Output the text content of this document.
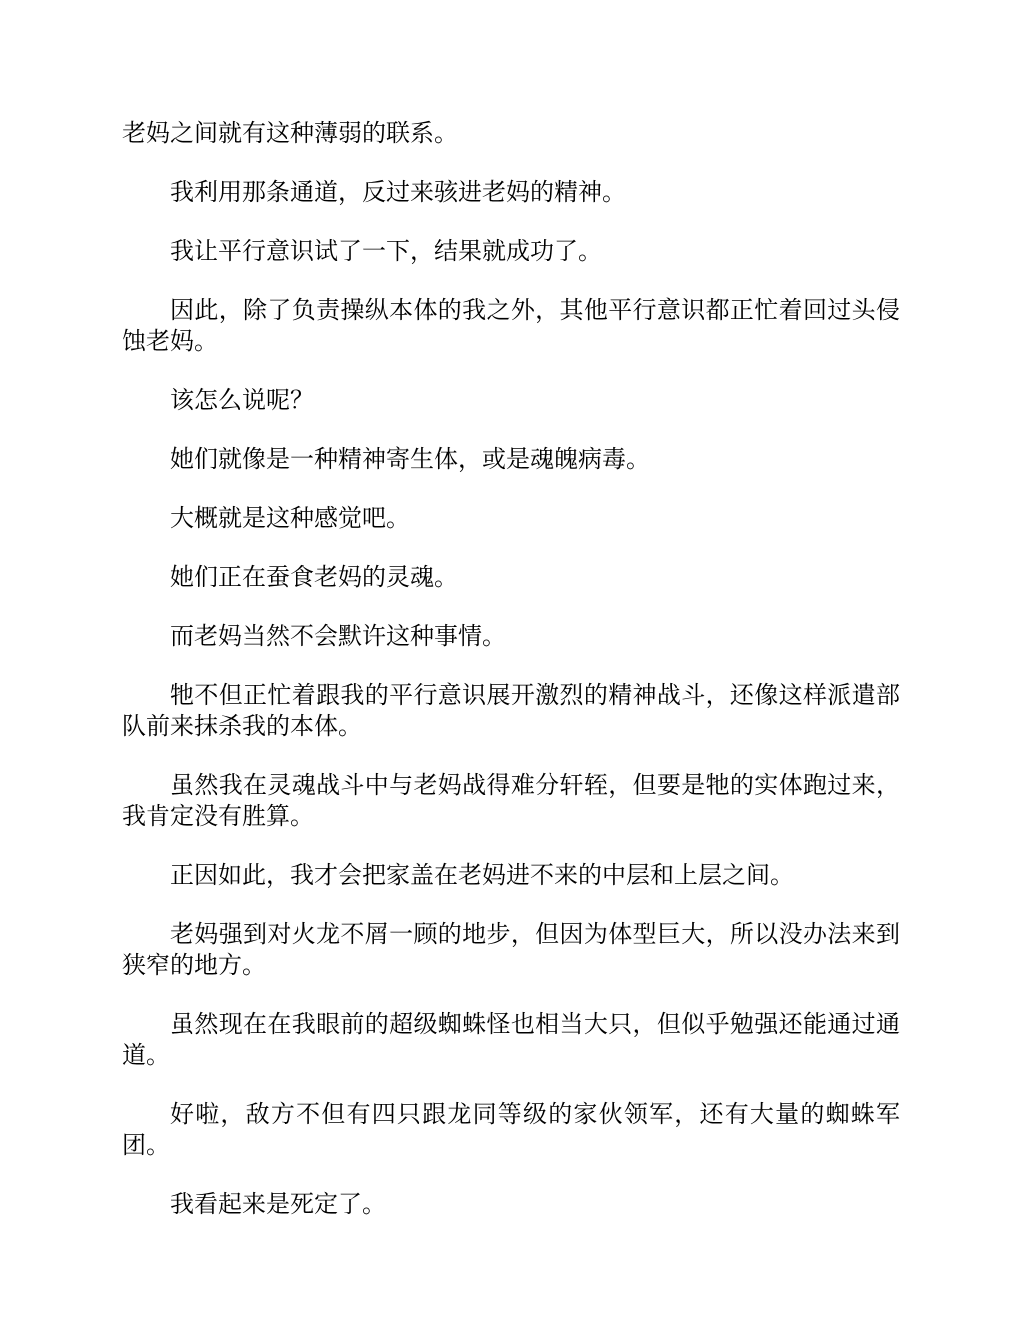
老妈之间就有这种薄弱的联系。

我利用那条通道，反过来骇进老妈的精神。

我让平行意识试了一下，结果就成功了。

因此，除了负责操纵本体的我之外，其他平行意识都正忙着回过头侵蚀老妈。

该怎么说呢？

她们就像是一种精神寄生体，或是魂魄病毒。

大概就是这种感觉吧。

她们正在蚕食老妈的灵魂。

而老妈当然不会默许这种事情。

牠不但正忙着跟我的平行意识展开激烈的精神战斗，还像这样派遣部队前来抹杀我的本体。

虽然我在灵魂战斗中与老妈战得难分轩轾，但要是牠的实体跑过来，我肯定没有胜算。

正因如此，我才会把家盖在老妈进不来的中层和上层之间。

老妈强到对火龙不屑一顾的地步，但因为体型巨大，所以没办法来到狭窄的地方。

虽然现在在我眼前的超级蜘蛛怪也相当大只，但似乎勉强还能通过通道。

好啦，敌方不但有四只跟龙同等级的家伙领军，还有大量的蜘蛛军团。

我看起来是死定了。
